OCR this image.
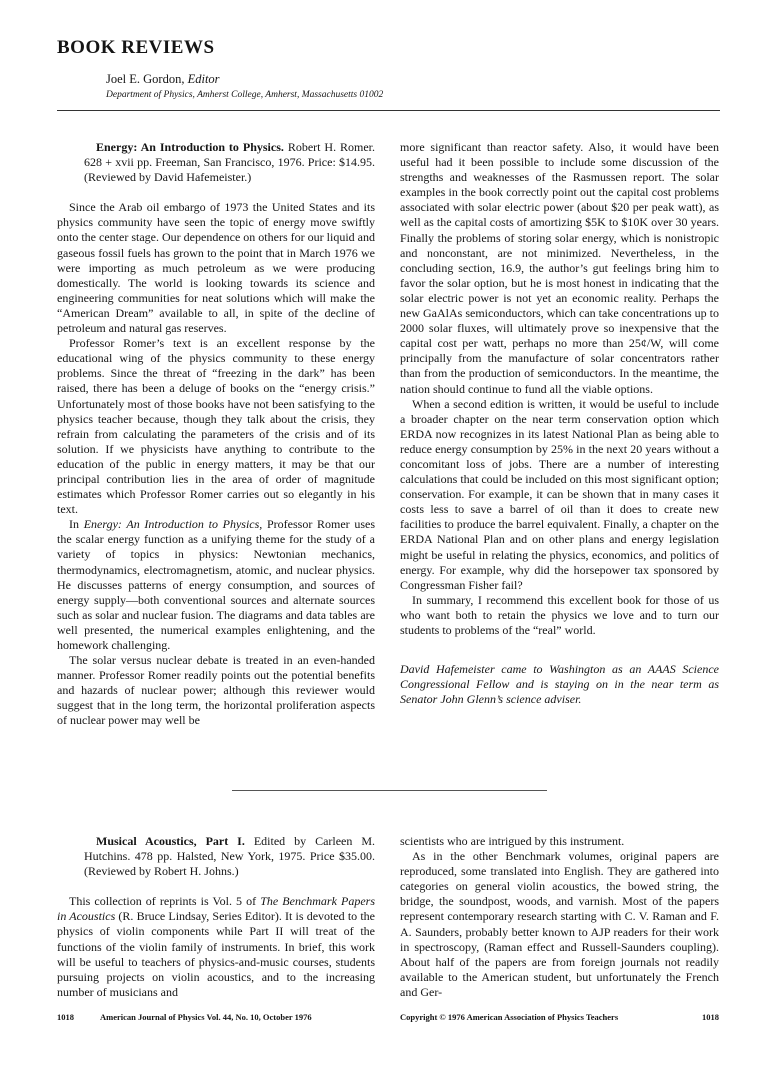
BOOK REVIEWS
Joel E. Gordon, Editor
Department of Physics, Amherst College, Amherst, Massachusetts 01002

Energy: An Introduction to Physics. Robert H. Romer. 628 + xvii pp. Freeman, San Francisco, 1976. Price: $14.95. (Reviewed by David Hafemeister.)

Since the Arab oil embargo of 1973 the United States and its physics community have seen the topic of energy move swiftly onto the center stage. Our dependence on others for our liquid and gaseous fossil fuels has grown to the point that in March 1976 we were importing as much petroleum as we were producing domestically. The world is looking towards its science and engineering communities for neat solutions which will make the “American Dream” available to all, in spite of the decline of petroleum and natural gas reserves.

Professor Romer’s text is an excellent response by the educational wing of the physics community to these energy problems. Since the threat of “freezing in the dark” has been raised, there has been a deluge of books on the “energy crisis.” Unfortunately most of those books have not been satisfying to the physics teacher because, though they talk about the crisis, they refrain from calculating the parameters of the crisis and of its solution. If we physicists have anything to contribute to the education of the public in energy matters, it may be that our principal contribution lies in the area of order of magnitude estimates which Professor Romer carries out so elegantly in his text.

In Energy: An Introduction to Physics, Professor Romer uses the scalar energy function as a unifying theme for the study of a variety of topics in physics: Newtonian mechanics, thermodynamics, electromagnetism, atomic, and nuclear physics. He discusses patterns of energy consumption, and sources of energy supply—both conventional sources and alternate sources such as solar and nuclear fusion. The diagrams and data tables are well presented, the numerical examples enlightening, and the homework challenging.

The solar versus nuclear debate is treated in an even-handed manner. Professor Romer readily points out the potential benefits and hazards of nuclear power; although this reviewer would suggest that in the long term, the horizontal proliferation aspects of nuclear power may well be

more significant than reactor safety. Also, it would have been useful had it been possible to include some discussion of the strengths and weaknesses of the Rasmussen report. The solar examples in the book correctly point out the capital cost problems associated with solar electric power (about $20 per peak watt), as well as the capital costs of amortizing $5K to $10K over 30 years. Finally the problems of storing solar energy, which is nonistropic and nonconstant, are not minimized. Nevertheless, in the concluding section, 16.9, the author’s gut feelings bring him to favor the solar option, but he is most honest in indicating that the solar electric power is not yet an economic reality. Perhaps the new GaAlAs semiconductors, which can take concentrations up to 2000 solar fluxes, will ultimately prove so inexpensive that the capital cost per watt, perhaps no more than 25¢/W, will come principally from the manufacture of solar concentrators rather than from the production of semiconductors. In the meantime, the nation should continue to fund all the viable options.

When a second edition is written, it would be useful to include a broader chapter on the near term conservation option which ERDA now recognizes in its latest National Plan as being able to reduce energy consumption by 25% in the next 20 years without a concomitant loss of jobs. There are a number of interesting calculations that could be included on this most significant option; conservation. For example, it can be shown that in many cases it costs less to save a barrel of oil than it does to create new facilities to produce the barrel equivalent. Finally, a chapter on the ERDA National Plan and on other plans and energy legislation might be useful in relating the physics, economics, and politics of energy. For example, why did the horsepower tax sponsored by Congressman Fisher fail?

In summary, I recommend this excellent book for those of us who want both to retain the physics we love and to turn our students to problems of the “real” world.

David Hafemeister came to Washington as an AAAS Science Congressional Fellow and is staying on in the near term as Senator John Glenn’s science adviser.

Musical Acoustics, Part I. Edited by Carleen M. Hutchins. 478 pp. Halsted, New York, 1975. Price $35.00. (Reviewed by Robert H. Johns.)

This collection of reprints is Vol. 5 of The Benchmark Papers in Acoustics (R. Bruce Lindsay, Series Editor). It is devoted to the physics of violin components while Part II will treat of the functions of the violin family of instruments. In brief, this work will be useful to teachers of physics-and-music courses, students pursuing projects on violin acoustics, and to the increasing number of musicians and

scientists who are intrigued by this instrument.

As in the other Benchmark volumes, original papers are reproduced, some translated into English. They are gathered into categories on general violin acoustics, the bowed string, the bridge, the soundpost, woods, and varnish. Most of the papers represent contemporary research starting with C. V. Raman and F. A. Saunders, probably better known to AJP readers for their work in spectroscopy, (Raman effect and Russell-Saunders coupling). About half of the papers are from foreign journals not readily available to the American student, but unfortunately the French and Ger-

1018	American Journal of Physics Vol. 44, No. 10, October 1976	Copyright © 1976 American Association of Physics Teachers	1018
